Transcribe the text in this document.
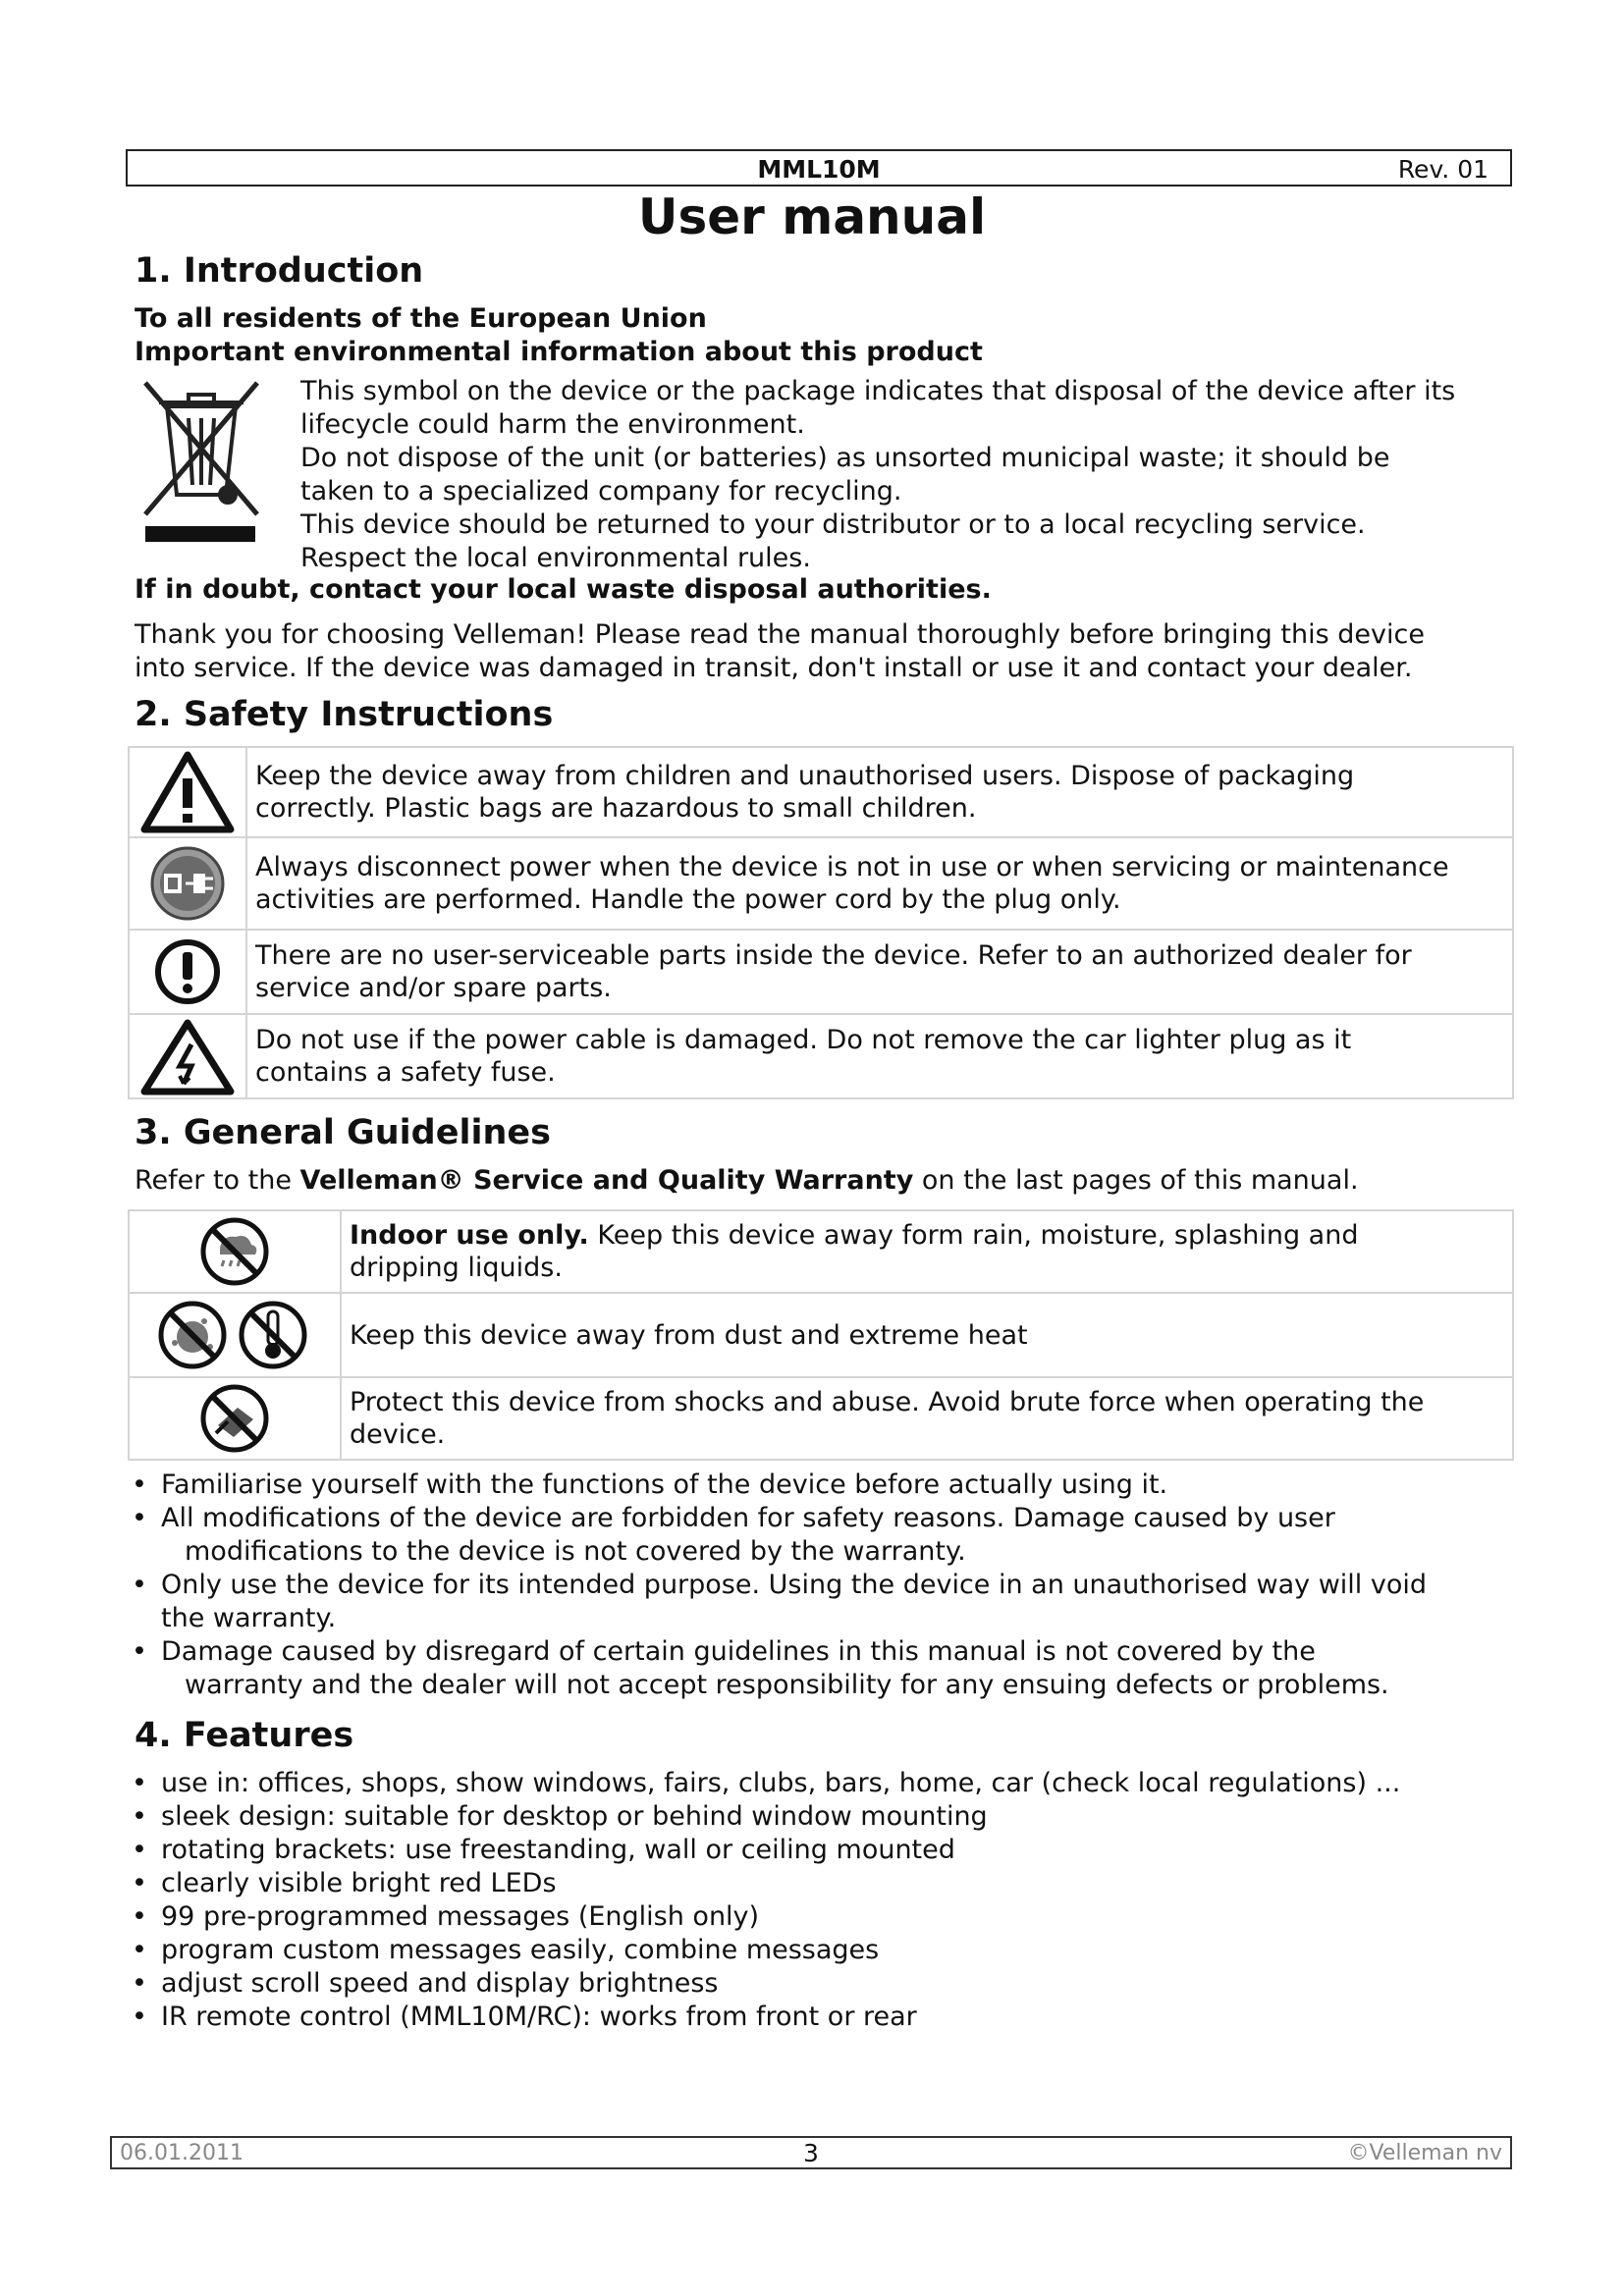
MML10M	Rev. 01
User manual
1. Introduction

To all residents of the European Union

Important environmental information about this product

This symbol on the device or the package indicates that disposal of the device after its
lifecycle could harm the environment.
Do not dispose of the unit (or batteries) as unsorted municipal waste; it should be
taken to a specialized company for recycling.
This device should be returned to your distributor or to a local recycling service.
Respect the local environmental rules.

If in doubt, contact your local waste disposal authorities.

Thank you for choosing Velleman! Please read the manual thoroughly before bringing this device

into service. If the device was damaged in transit, don't install or use it and contact your dealer.

2. Safety Instructions

Keep the device away from children and unauthorised users. Dispose of packaging
correctly. Plastic bags are hazardous to small children.

Always disconnect power when the device is not in use or when servicing or maintenance
activities are performed. Handle the power cord by the plug only.

There are no user-serviceable parts inside the device. Refer to an authorized dealer for
service and/or spare parts.

Do not use if the power cable is damaged. Do not remove the car lighter plug as it
contains a safety fuse.
3. General Guidelines

Refer to the Velleman® Service and Quality Warranty on the last pages of this manual.

Indoor use only. Keep this device away form rain, moisture, splashing and
dripping liquids.

Keep this device away from dust and extreme heat

Protect this device from shocks and abuse. Avoid brute force when operating the
device.
• Familiarise yourself with the functions of the device before actually using it.
• All modifications of the device are forbidden for safety reasons. Damage caused by user
modifications to the device is not covered by the warranty.
• Only use the device for its intended purpose. Using the device in an unauthorised way will void
the warranty.
• Damage caused by disregard of certain guidelines in this manual is not covered by the
warranty and the dealer will not accept responsibility for any ensuing defects or problems.
4. Features
• use in: offices, shops, show windows, fairs, clubs, bars, home, car (check local regulations) ...
• sleek design: suitable for desktop or behind window mounting
• rotating brackets: use freestanding, wall or ceiling mounted
• clearly visible bright red LEDs
• 99 pre-programmed messages (English only)
• program custom messages easily, combine messages
• adjust scroll speed and display brightness
• IR remote control (MML10M/RC): works from front or rear
06.01.2011	3	©Velleman nv
